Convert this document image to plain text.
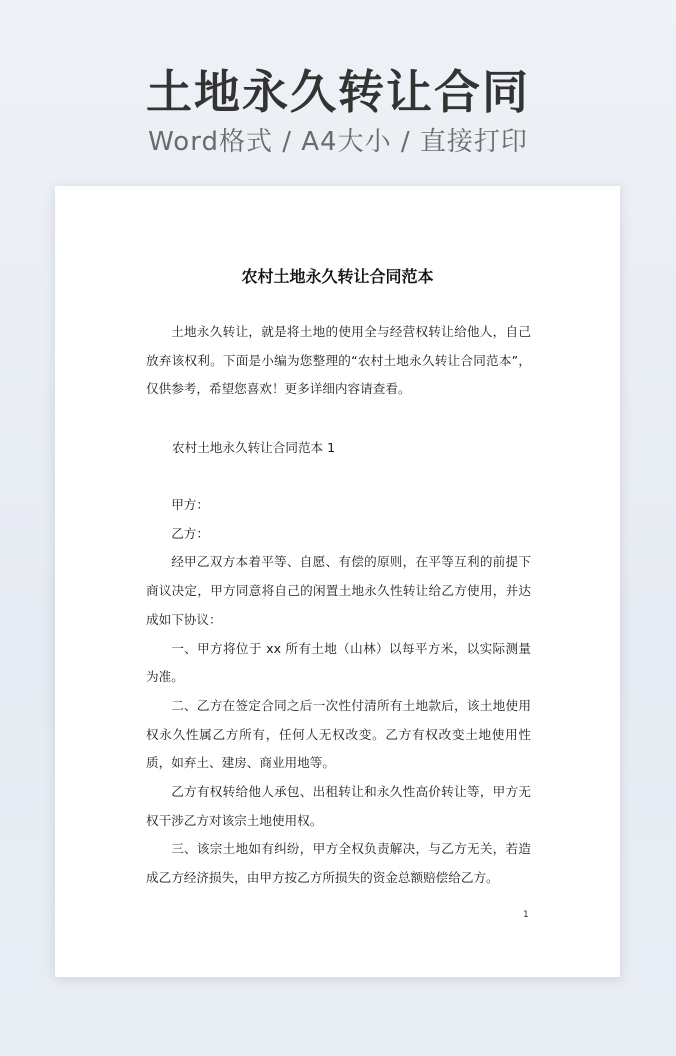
土地永久转让合同
Word格式 / A4大小 / 直接打印
农村土地永久转让合同范本

土地永久转让，就是将土地的使用全与经营权转让给他人，自己放弃该权利。下面是小编为您整理的“农村土地永久转让合同范本”，仅供参考，希望您喜欢！更多详细内容请查看。

农村土地永久转让合同范本 1

甲方：

乙方：

经甲乙双方本着平等、自愿、有偿的原则，在平等互利的前提下商议决定，甲方同意将自己的闲置土地永久性转让给乙方使用，并达成如下协议：

一、甲方将位于 xx 所有土地（山林）以每平方米，以实际测量为准。

二、乙方在签定合同之后一次性付清所有土地款后，该土地使用权永久性属乙方所有，任何人无权改变。乙方有权改变土地使用性质，如弃土、建房、商业用地等。

乙方有权转给他人承包、出租转让和永久性高价转让等，甲方无权干涉乙方对该宗土地使用权。

三、该宗土地如有纠纷，甲方全权负责解决，与乙方无关，若造成乙方经济损失，由甲方按乙方所损失的资金总额赔偿给乙方。

1
